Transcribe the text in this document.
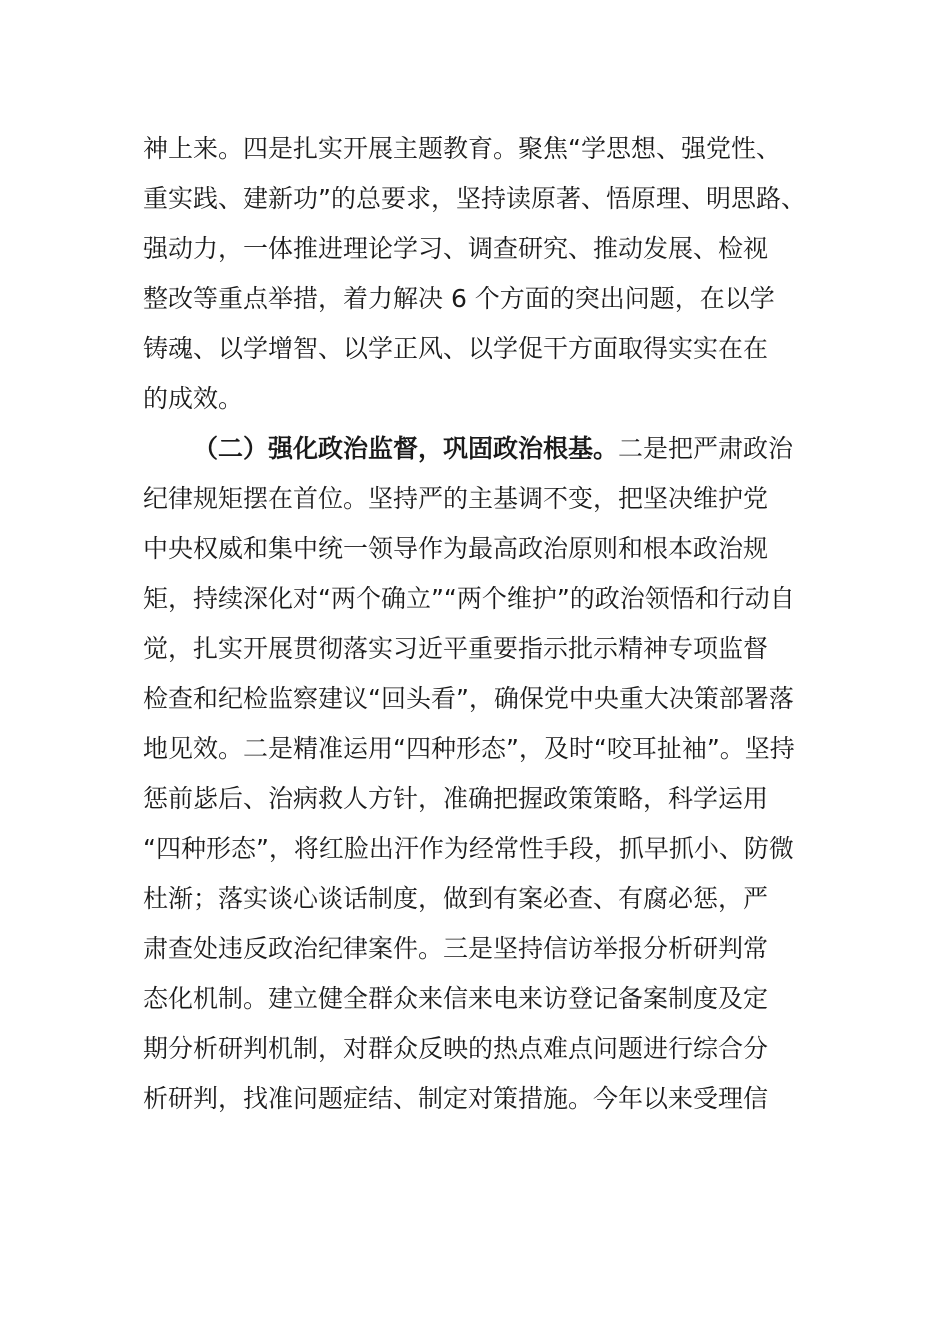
神上来。四是扎实开展主题教育。聚焦“学思想、强党性、
重实践、建新功”的总要求，坚持读原著、悟原理、明思路、
强动力，一体推进理论学习、调查研究、推动发展、检视
整改等重点举措，着力解决 6 个方面的突出问题，在以学
铸魂、以学增智、以学正风、以学促干方面取得实实在在
的成效。
（二）强化政治监督，巩固政治根基。二是把严肃政治
纪律规矩摆在首位。坚持严的主基调不变，把坚决维护党
中央权威和集中统一领导作为最高政治原则和根本政治规
矩，持续深化对“两个确立”“两个维护”的政治领悟和行动自
觉，扎实开展贯彻落实习近平重要指示批示精神专项监督
检查和纪检监察建议“回头看”，确保党中央重大决策部署落
地见效。二是精准运用“四种形态”，及时“咬耳扯袖”。坚持
惩前毖后、治病救人方针，准确把握政策策略，科学运用
“四种形态”，将红脸出汗作为经常性手段，抓早抓小、防微
杜渐；落实谈心谈话制度，做到有案必查、有腐必惩，严
肃查处违反政治纪律案件。三是坚持信访举报分析研判常
态化机制。建立健全群众来信来电来访登记备案制度及定
期分析研判机制，对群众反映的热点难点问题进行综合分
析研判，找准问题症结、制定对策措施。今年以来受理信
